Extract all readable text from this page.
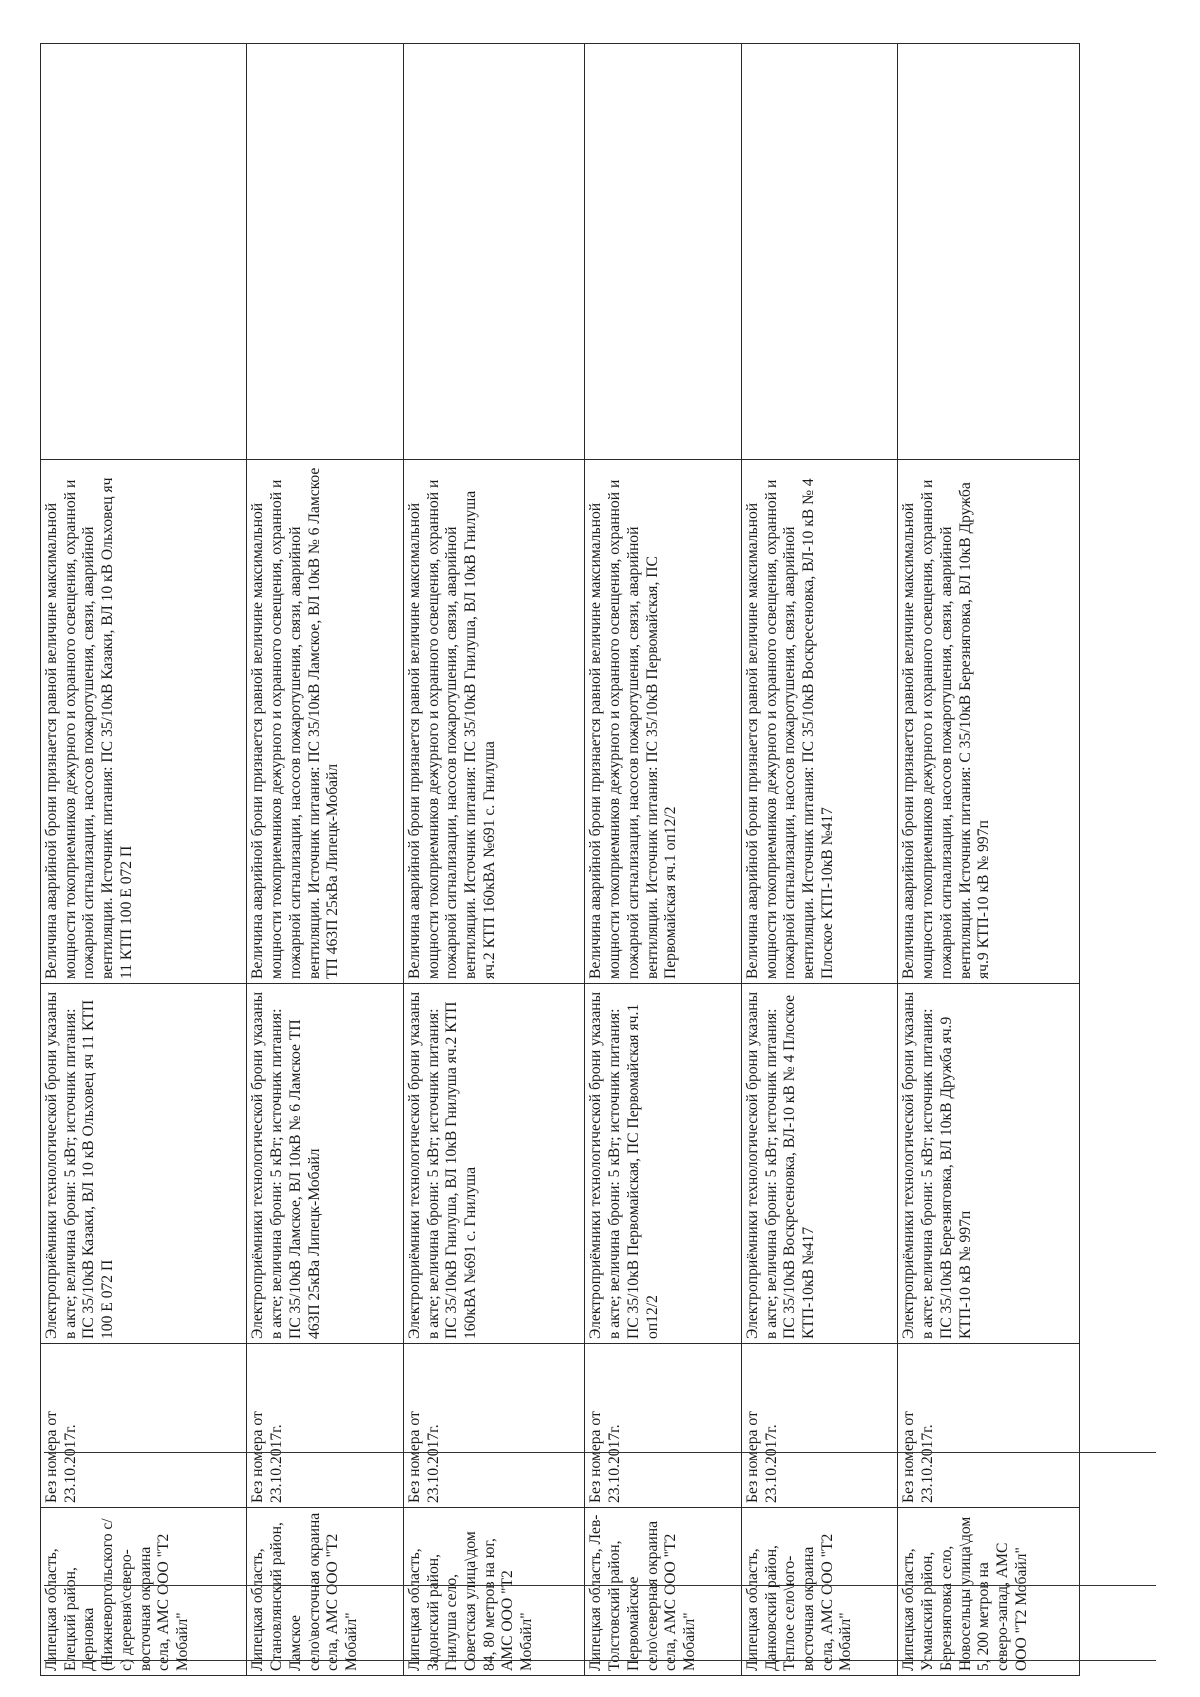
Липецкая область, Елецкий район, Дерновка (Нижневоргольского с/с) деревня\северо-восточная окраина села, АМС ООО "Т2 Мобайл"	Без номера от 23.10.2017г.	Электроприёмники технологической брони указаны в акте; величина брони: 5 кВт; источник питания: ПС 35/10кВ Казаки, ВЛ 10 кВ Ольховец яч 11 КТП 100 Е 072 П	Величина аварийной брони признается равной величине максимальной мощности токоприемников дежурного и охранного освещения, охранной и пожарной сигнализации, насосов пожаротушения, связи, аварийной вентиляции. Источник питания: ПС 35/10кВ Казаки, ВЛ 10 кВ Ольховец яч 11 КТП 100 Е 072 П	
Липецкая область, Становлянский район, Ламское село\восточная окраина села, АМС ООО "Т2 Мобайл"	Без номера от 23.10.2017г.	Электроприёмники технологической брони указаны в акте; величина брони: 5 кВт; источник питания: ПС 35/10кВ Ламское, ВЛ 10кВ № 6 Ламское ТП 463П 25кВа Липецк-Мобайл	Величина аварийной брони признается равной величине максимальной мощности токоприемников дежурного и охранного освещения, охранной и пожарной сигнализации, насосов пожаротушения, связи, аварийной вентиляции. Источник питания: ПС 35/10кВ Ламское, ВЛ 10кВ № 6 Ламское ТП 463П 25кВа Липецк-Мобайл	
Липецкая область, Задонский район, Гнилуша село, Советская улица\дом 84, 80 метров на юг, АМС ООО "Т2 Мобайл"	Без номера от 23.10.2017г.	Электроприёмники технологической брони указаны в акте; величина брони: 5 кВт; источник питания: ПС 35/10кВ Гнилуша, ВЛ 10кВ Гнилуша яч.2 КТП 160кВА №691 с. Гнилуша	Величина аварийной брони признается равной величине максимальной мощности токоприемников дежурного и охранного освещения, охранной и пожарной сигнализации, насосов пожаротушения, связи, аварийной вентиляции. Источник питания: ПС 35/10кВ Гнилуша, ВЛ 10кВ Гнилуша яч.2 КТП 160кВА №691 с. Гнилуша	
Липецкая область, Лев-Толстовский район, Первомайское село\северная окраина села, АМС ООО "Т2 Мобайл"	Без номера от 23.10.2017г.	Электроприёмники технологической брони указаны в акте; величина брони: 5 кВт; источник питания: ПС 35/10кВ Первомайская, ПС Первомайская яч.1 оп12/2	Величина аварийной брони признается равной величине максимальной мощности токоприемников дежурного и охранного освещения, охранной и пожарной сигнализации, насосов пожаротушения, связи, аварийной вентиляции. Источник питания: ПС 35/10кВ Первомайская, ПС Первомайская яч.1 оп12/2	
Липецкая область, Данковский район, Теплое село\юго-восточная окраина села, АМС ООО "Т2 Мобайл"	Без номера от 23.10.2017г.	Электроприёмники технологической брони указаны в акте; величина брони: 5 кВт; источник питания: ПС 35/10кВ Воскресеновка, ВЛ-10 кВ № 4 Плоское КТП-10кВ №417	Величина аварийной брони признается равной величине максимальной мощности токоприемников дежурного и охранного освещения, охранной и пожарной сигнализации, насосов пожаротушения, связи, аварийной вентиляции. Источник питания: ПС 35/10кВ Воскресеновка, ВЛ-10 кВ № 4 Плоское КТП-10кВ №417	
Липецкая область, Усманский район, Березняговка село, Новосельцы улица\дом 5, 200 метров на северо-запад, АМС ООО "Т2 Мобайл"	Без номера от 23.10.2017г.	Электроприёмники технологической брони указаны в акте; величина брони: 5 кВт; источник питания: ПС 35/10кВ Березняговка, ВЛ 10кВ Дружба яч.9 КТП-10 кВ № 997п	Величина аварийной брони признается равной величине максимальной мощности токоприемников дежурного и охранного освещения, охранной и пожарной сигнализации, насосов пожаротушения, связи, аварийной вентиляции. Источник питания: С 35/10кВ Березняговка, ВЛ 10кВ Дружба яч.9 КТП-10 кВ № 997п	
